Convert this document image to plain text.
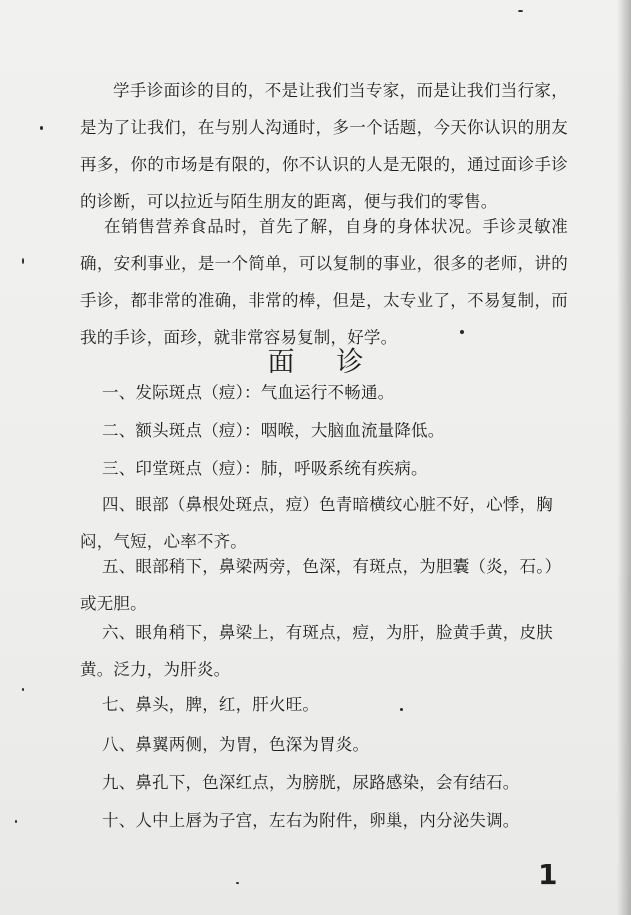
学手诊面诊的目的，不是让我们当专家，而是让我们当行家，是为了让我们，在与别人沟通时，多一个话题，今天你认识的朋友再多，你的市场是有限的，你不认识的人是无限的，通过面诊手诊的诊断，可以拉近与陌生朋友的距离，便与我们的零售。

在销售营养食品时，首先了解，自身的身体状况。手诊灵敏准确，安利事业，是一个简单，可以复制的事业，很多的老师，讲的手诊，都非常的准确，非常的棒，但是，太专业了，不易复制，而我的手诊，面珍，就非常容易复制，好学。

面诊

一、发际斑点（痘）：气血运行不畅通。

二、额头斑点（痘）：咽喉，大脑血流量降低。

三、印堂斑点（痘）：肺，呼吸系统有疾病。

四、眼部（鼻根处斑点，痘）色青暗横纹心脏不好，心悸，胸闷，气短，心率不齐。

五、眼部稍下，鼻梁两旁，色深，有斑点，为胆囊（炎，石。）或无胆。

六、眼角稍下，鼻梁上，有斑点，痘，为肝，脸黄手黄，皮肤黄。泛力，为肝炎。

七、鼻头，脾，红，肝火旺。

八、鼻翼两侧，为胃，色深为胃炎。

九、鼻孔下，色深红点，为膀胱，尿路感染，会有结石。

十、人中上唇为子宫，左右为附件，卵巢，内分泌失调。

1
